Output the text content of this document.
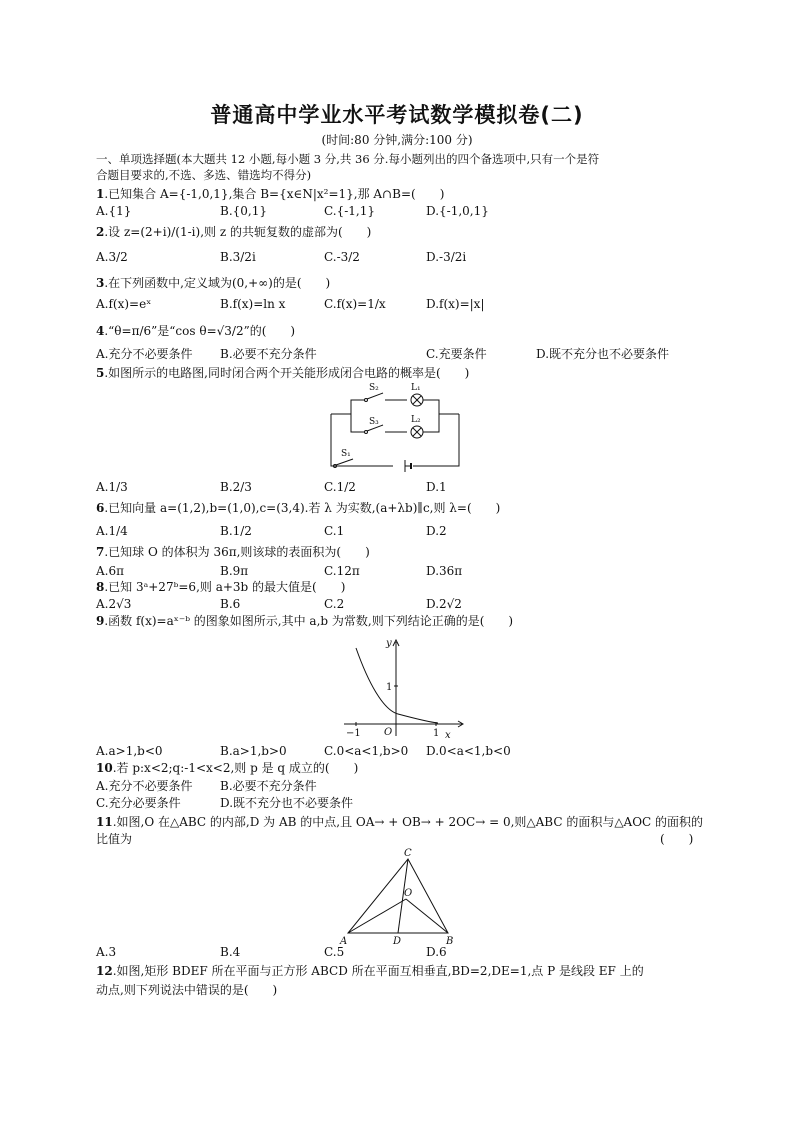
普通高中学业水平考试数学模拟卷(二)
(时间:80 分钟,满分:100 分)
一、单项选择题(本大题共 12 小题,每小题 3 分,共 36 分.每小题列出的四个备选项中,只有一个是符
合题目要求的,不选、多选、错选均不得分)
1.已知集合 A={-1,0,1},集合 B={x∈N|x²=1},那 A∩B=(　　)
A.{1}	B.{0,1}	C.{-1,1}	D.{-1,0,1}
2.设 z=(2+i)/(1-i),则 z 的共轭复数的虚部为(　　)
A.3/2	B.3/2i	C.-3/2	D.-3/2i
3.在下列函数中,定义域为(0,+∞)的是(　　)
A.f(x)=eˣ	B.f(x)=ln x	C.f(x)=1/x	D.f(x)=|x|
4.“θ=π/6”是“cos θ=√3/2”的(　　)
A.充分不必要条件 B.必要不充分条件	C.充要条件	D.既不充分也不必要条件
5.如图所示的电路图,同时闭合两个开关能形成闭合电路的概率是(　　)
S₂	L₁
S₃	L₂
S₁
A.1/3	B.2/3	C.1/2	D.1
6.已知向量 a=(1,2),b=(1,0),c=(3,4).若 λ 为实数,(a+λb)∥c,则 λ=(　　)
A.1/4	B.1/2	C.1	D.2
7.已知球 O 的体积为 36π,则该球的表面积为(　　)
A.6π	B.9π	C.12π	D.36π
8.已知 3ᵃ+27ᵇ=6,则 a+3b 的最大值是(　　)
A.2√3	B.6	C.2	D.2√2
9.函数 f(x)=aˣ⁻ᵇ 的图象如图所示,其中 a,b 为常数,则下列结论正确的是(　　)
y
x
O
1
−1	1
A.a>1,b<0	B.a>1,b>0	C.0<a<1,b>0 D.0<a<1,b<0
10.若 p:x<2;q:-1<x<2,则 p 是 q 成立的(　　)
A.充分不必要条件 B.必要不充分条件
C.充分必要条件	D.既不充分也不必要条件
11.如图,O 在△ABC 的内部,D 为 AB 的中点,且 OA→ + OB→ + 2OC→ = 0,则△ABC 的面积与△AOC 的面积的
比值为	(　　)
C
O
A	D	B
A.3	B.4	C.5	D.6
12.如图,矩形 BDEF 所在平面与正方形 ABCD 所在平面互相垂直,BD=2,DE=1,点 P 是线段 EF 上的
动点,则下列说法中错误的是(　　)
